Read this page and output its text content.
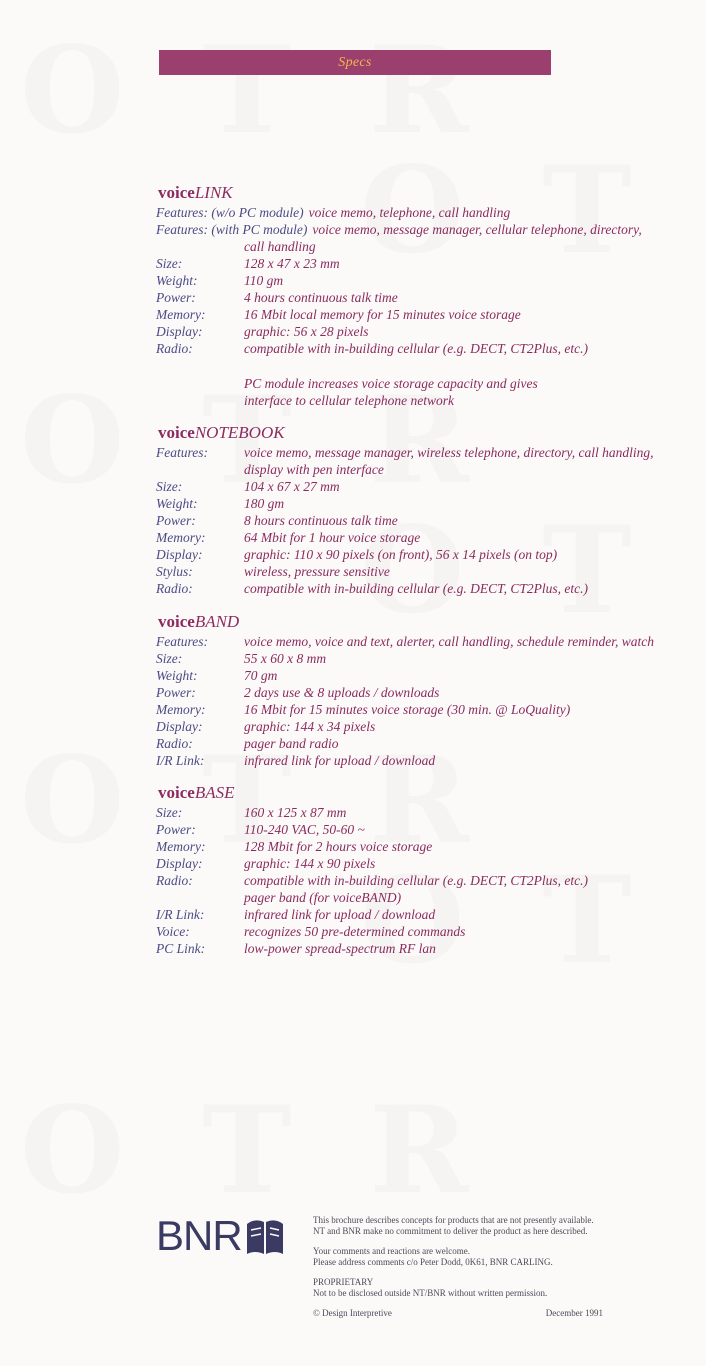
Specs
voiceLINK
Features: (w/o PC module) voice memo, telephone, call handling
Features: (with PC module) voice memo, message manager, cellular telephone, directory,
call handling
Size:	128 x 47 x 23 mm
Weight:	110 gm
Power:	4 hours continuous talk time
Memory:	16 Mbit local memory for 15 minutes voice storage
Display:	graphic: 56 x 28 pixels
Radio:	compatible with in-building cellular (e.g. DECT, CT2Plus, etc.)
PC module increases voice storage capacity and gives
interface to cellular telephone network
voiceNOTEBOOK
Features:	voice memo, message manager, wireless telephone, directory, call handling,
display with pen interface
Size:	104 x 67 x 27 mm
Weight:	180 gm
Power:	8 hours continuous talk time
Memory:	64 Mbit for 1 hour voice storage
Display:	graphic: 110 x 90 pixels (on front), 56 x 14 pixels (on top)
Stylus:	wireless, pressure sensitive
Radio:	compatible with in-building cellular (e.g. DECT, CT2Plus, etc.)
voiceBAND
Features:	voice memo, voice and text, alerter, call handling, schedule reminder, watch
Size:	55 x 60 x 8 mm
Weight:	70 gm
Power:	2 days use & 8 uploads / downloads
Memory:	16 Mbit for 15 minutes voice storage (30 min. @ LoQuality)
Display:	graphic: 144 x 34 pixels
Radio:	pager band radio
I/R Link:	infrared link for upload / download
voiceBASE
Size:	160 x 125 x 87 mm
Power:	110-240 VAC, 50-60 ~
Memory:	128 Mbit for 2 hours voice storage
Display:	graphic: 144 x 90 pixels
Radio:	compatible with in-building cellular (e.g. DECT, CT2Plus, etc.)
pager band (for voiceBAND)
I/R Link:	infrared link for upload / download
Voice:	recognizes 50 pre-determined commands
PC Link:	low-power spread-spectrum RF lan
BNR	This brochure describes concepts for products that are not presently available. NT and BNR make no commitment to deliver the product as here described.

Your comments and reactions are welcome.

Please address comments c/o Peter Dodd, 0K61, BNR CARLING.

PROPRIETARY

Not to be disclosed outside NT/BNR without written permission.

© Design Interpretive	December 1991
